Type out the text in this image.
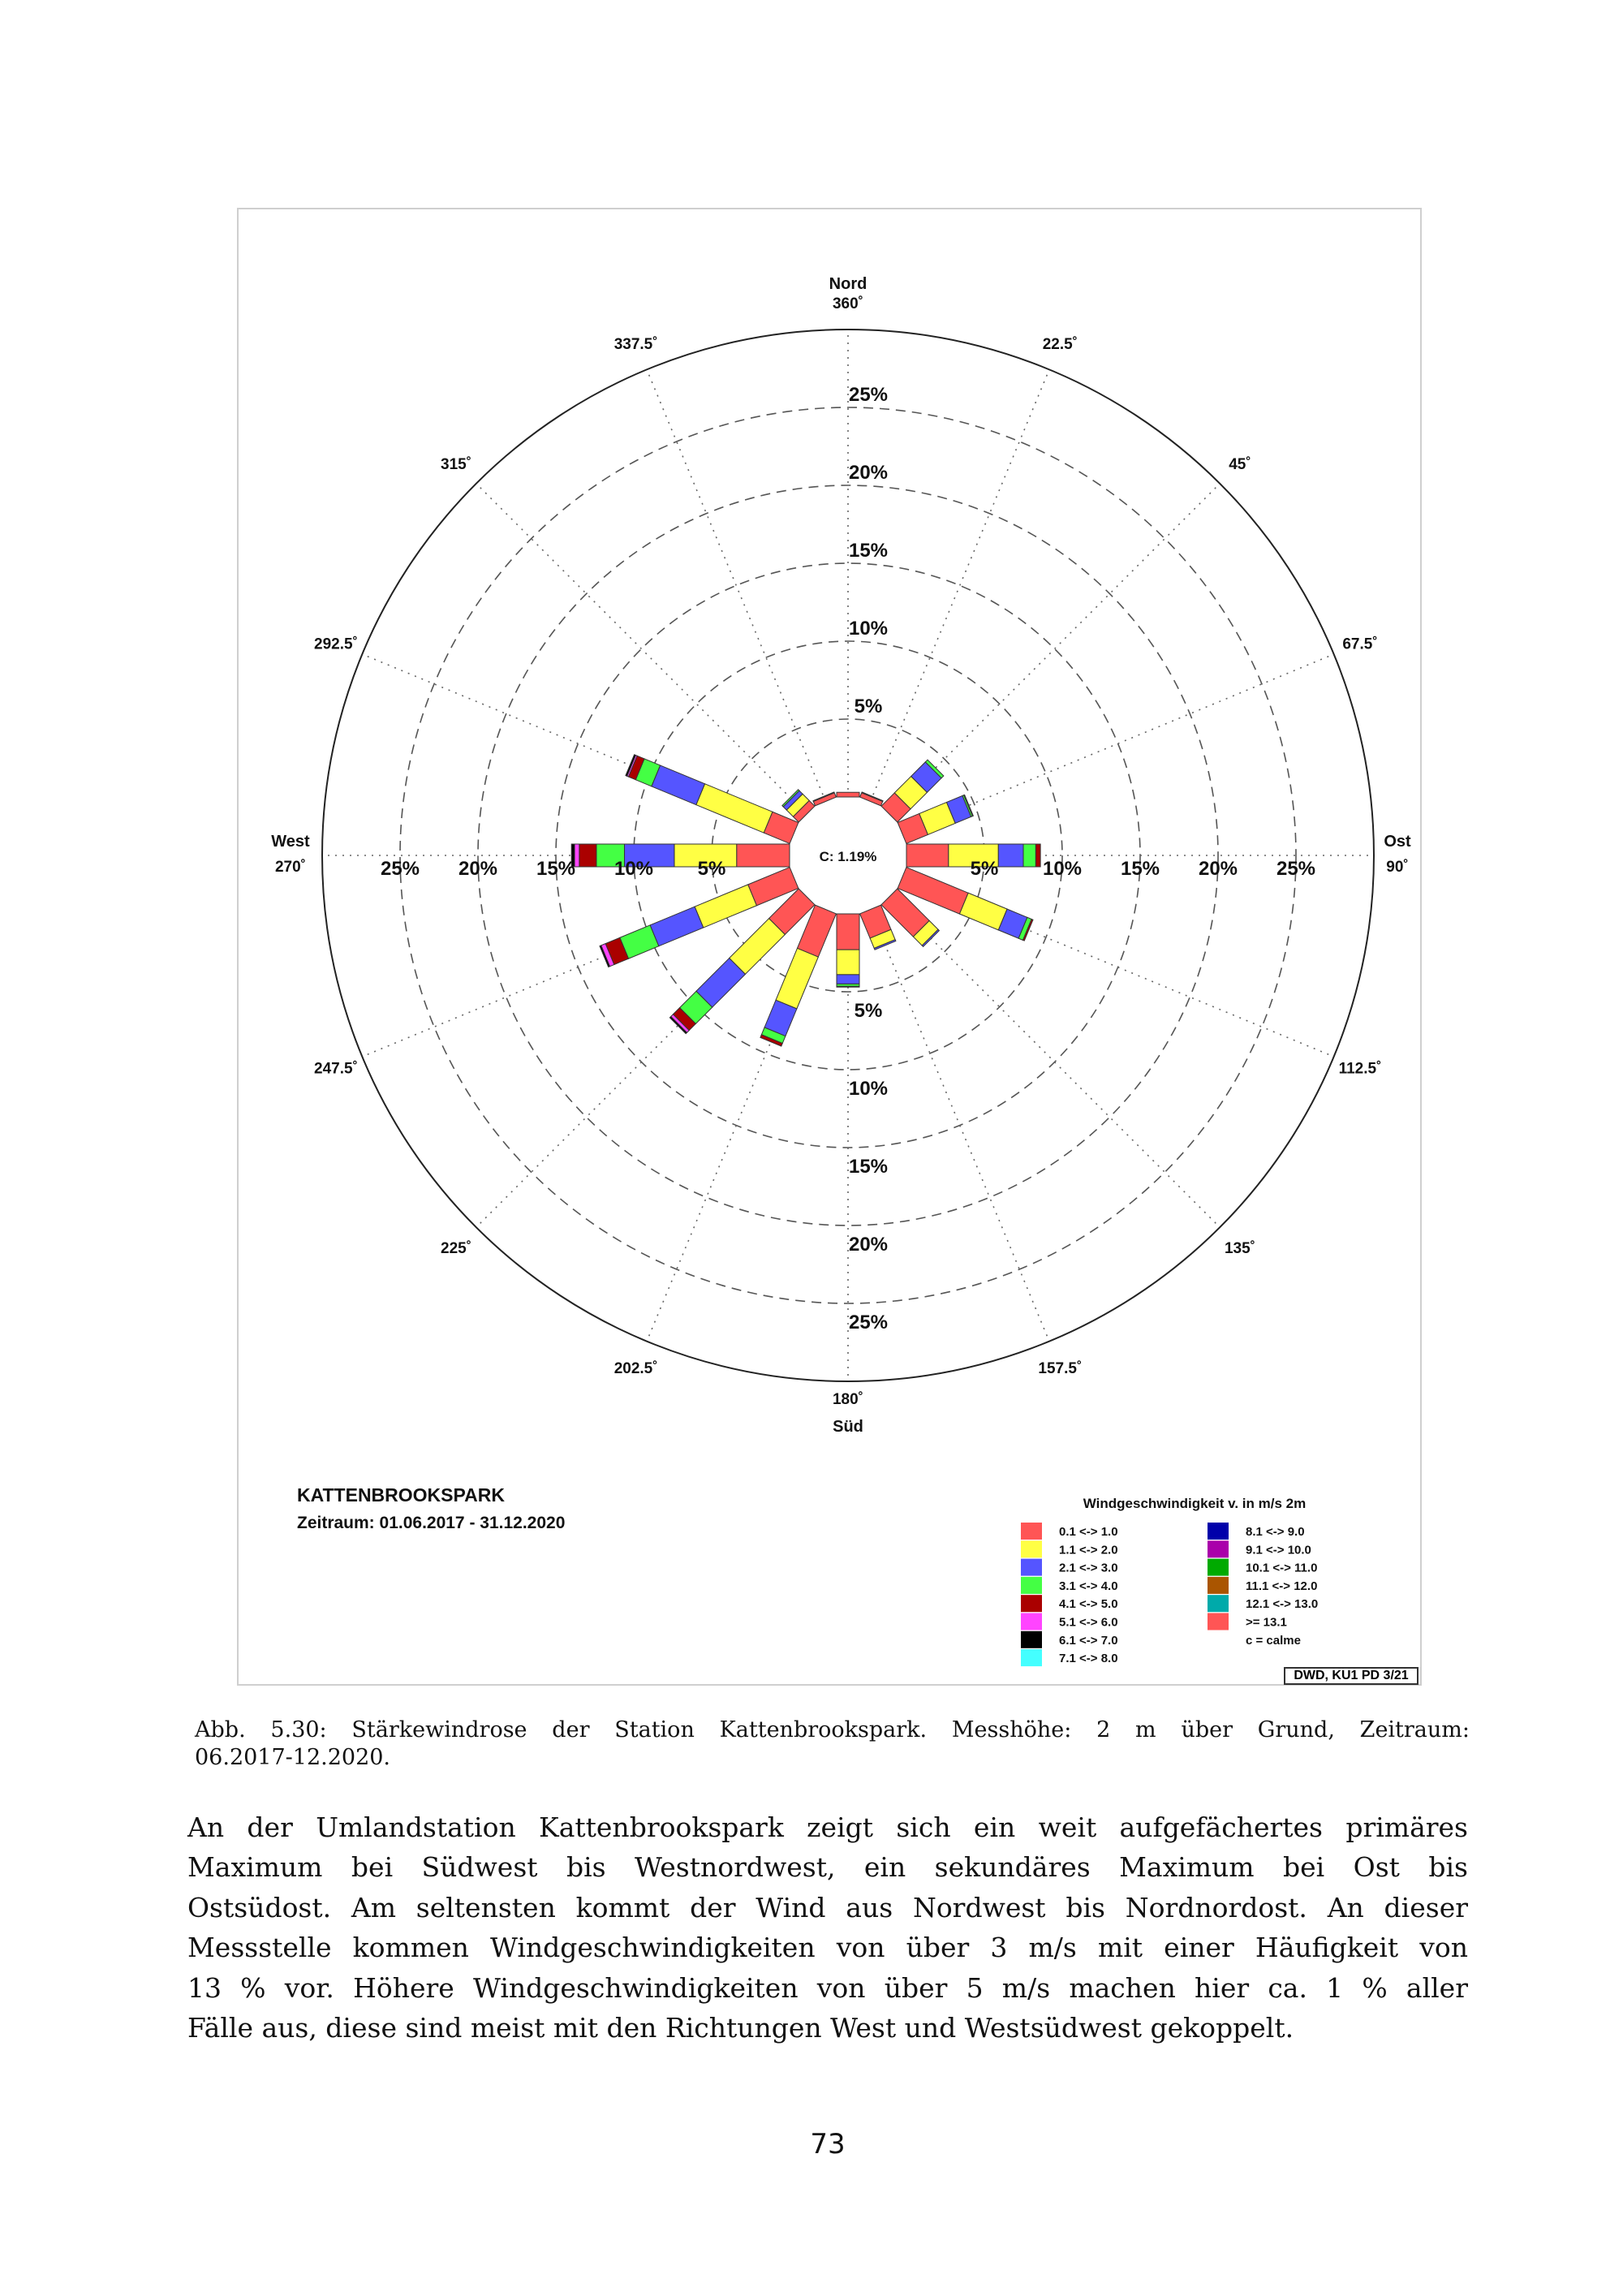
C: 1.19%
5%
5%
5%	5%
10%
10%
10%	10%
15%
15%
15%	15%
20%
20%
20%	20%
25%
25%
25%	25%
360˚
22.5˚
45˚
67.5˚
90˚
112.5˚
135˚
157.5˚
180˚
202.5˚
225˚
247.5˚
270˚
292.5˚
315˚
337.5˚
Nord
Süd
West	Ost
KATTENBROOKSPARK
Zeitraum: 01.06.2017 - 31.12.2020
Windgeschwindigkeit v. in m/s 2m
0.1 <-> 1.0
1.1 <-> 2.0
2.1 <-> 3.0
3.1 <-> 4.0
4.1 <-> 5.0
5.1 <-> 6.0
6.1 <-> 7.0
7.1 <-> 8.0
8.1 <-> 9.0
9.1 <-> 10.0
10.1 <-> 11.0
11.1 <-> 12.0
12.1 <-> 13.0
>= 13.1
c = calme
DWD, KU1 PD 3/21
Abb. 5.30: Stärkewindrose der Station Kattenbrookspark. Messhöhe: 2 m über Grund, Zeitraum:
06.2017-12.2020.
An der Umlandstation Kattenbrookspark zeigt sich ein weit aufgefächertes primäres
Maximum bei Südwest bis Westnordwest, ein sekundäres Maximum bei Ost bis
Ostsüdost. Am seltensten kommt der Wind aus Nordwest bis Nordnordost. An dieser
Messstelle kommen Windgeschwindigkeiten von über 3 m/s mit einer Häufigkeit von
13 % vor. Höhere Windgeschwindigkeiten von über 5 m/s machen hier ca. 1 % aller
Fälle aus, diese sind meist mit den Richtungen West und Westsüdwest gekoppelt.
73
